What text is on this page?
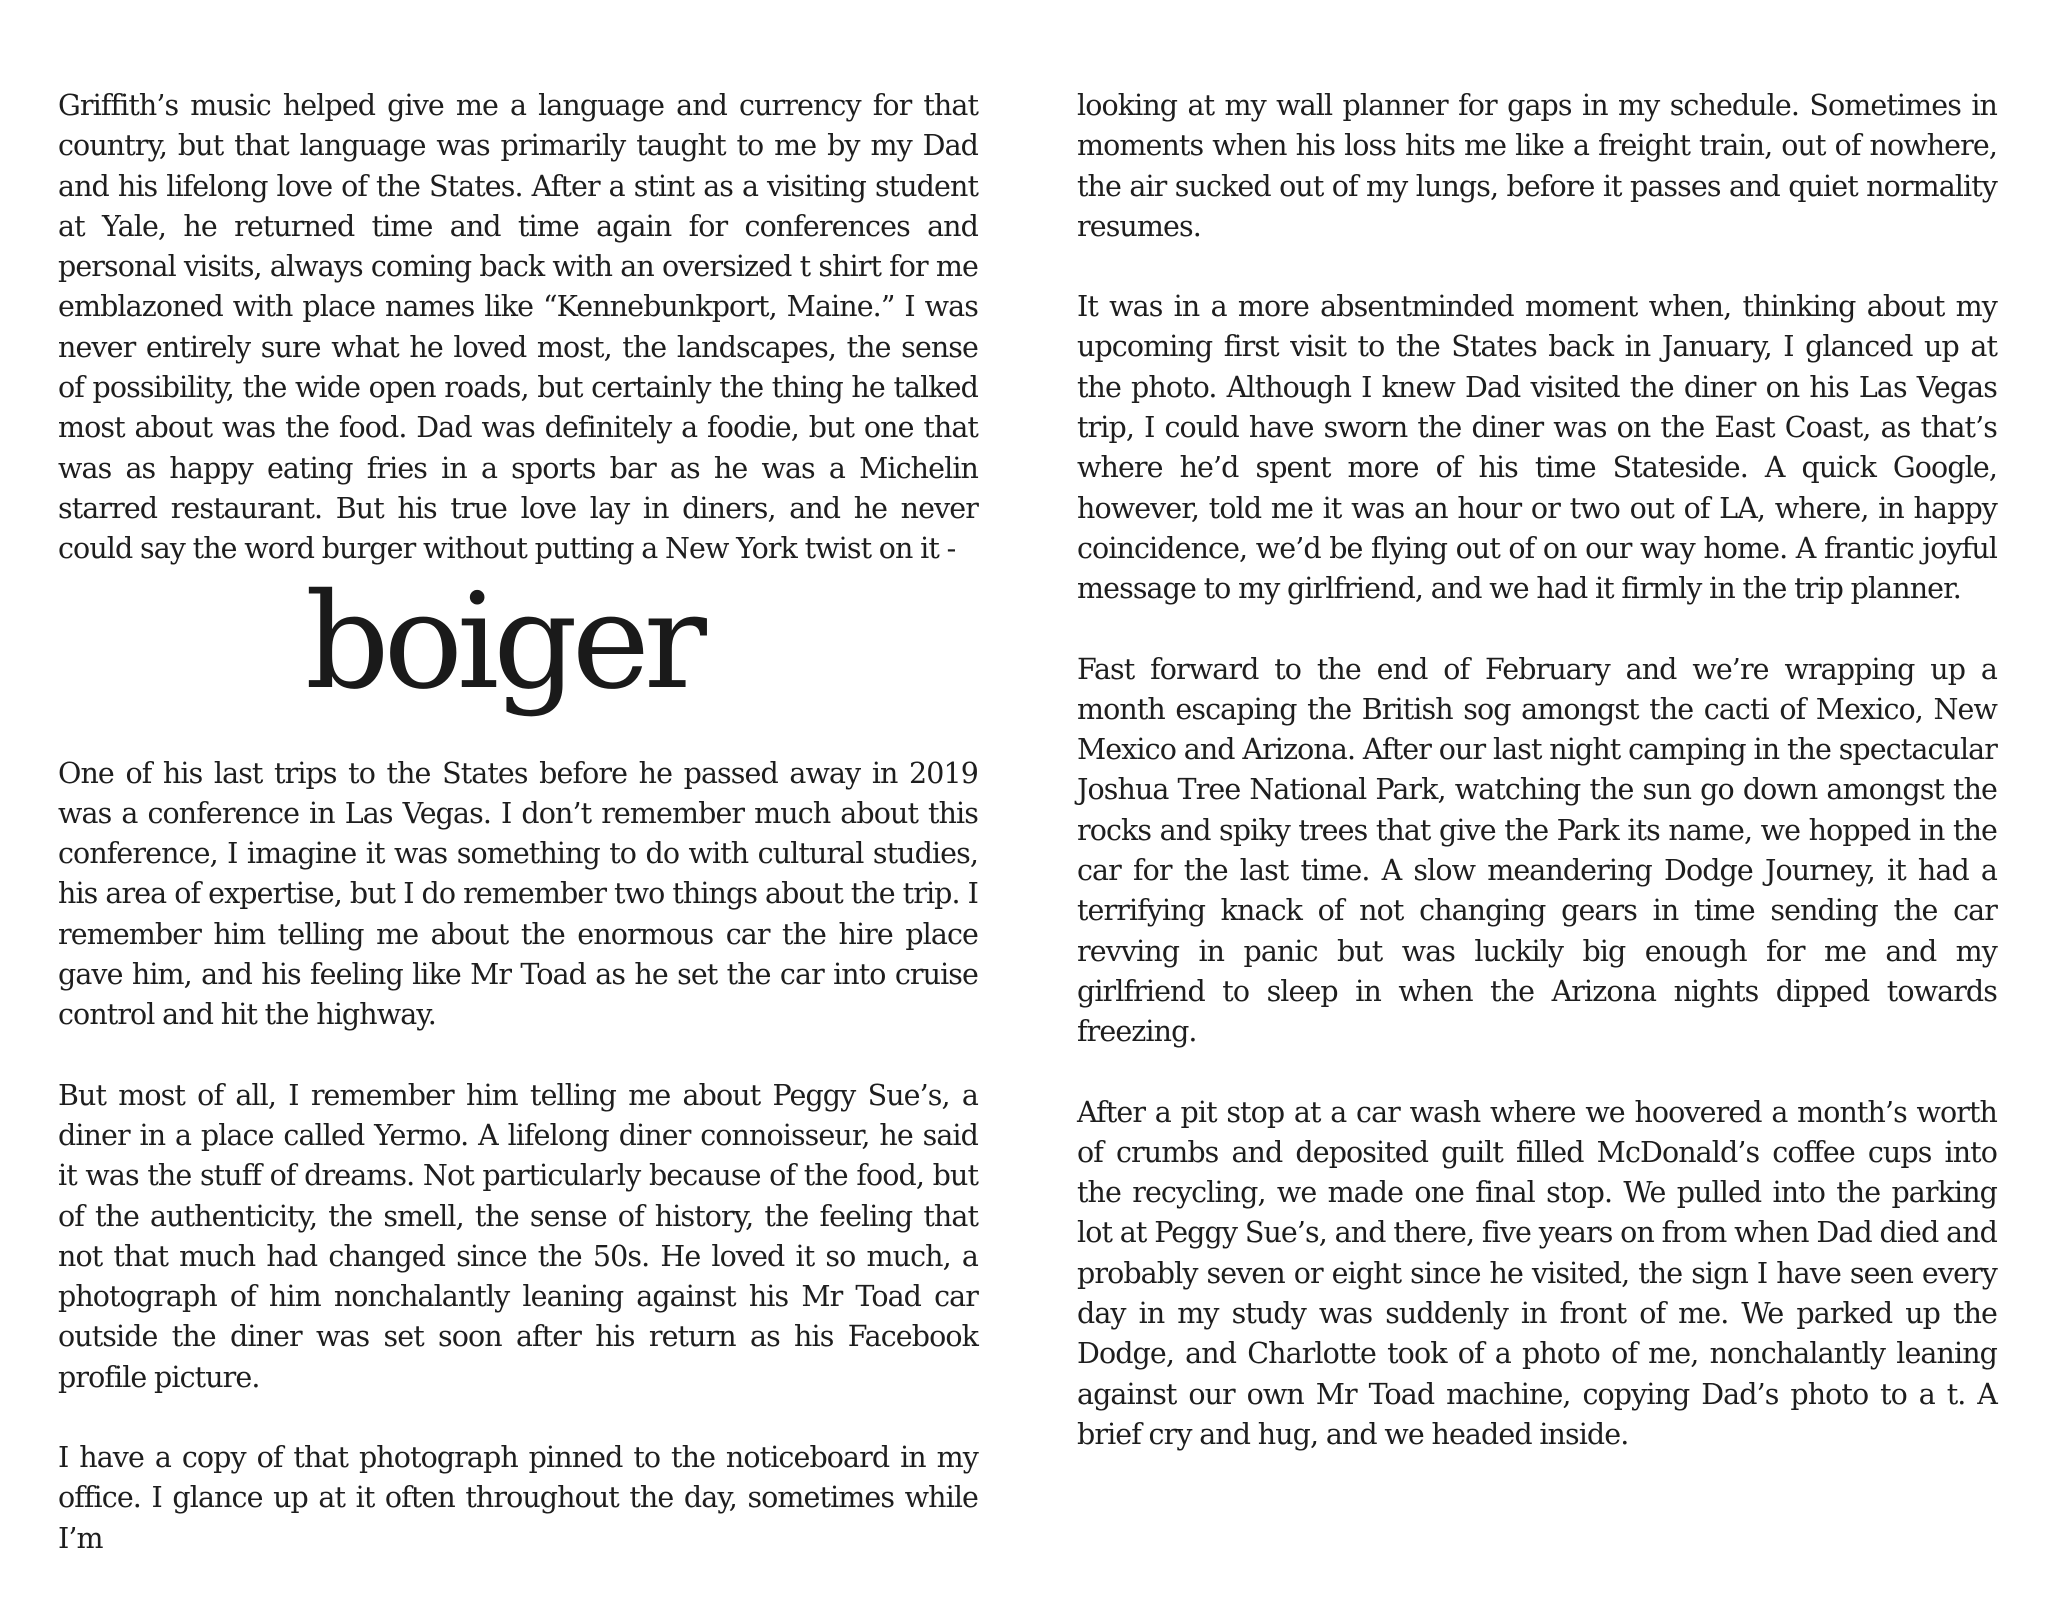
Griffith’s music helped give me a language and currency for that country, but that language was primarily taught to me by my Dad and his lifelong love of the States. After a stint as a visiting student at Yale, he returned time and time again for conferences and personal visits, always coming back with an oversized t shirt for me emblazoned with place names like “Kennebunkport, Maine.” I was never entirely sure what he loved most, the landscapes, the sense of possibility, the wide open roads, but certainly the thing he talked most about was the food. Dad was definitely a foodie, but one that was as happy eating fries in a sports bar as he was a Michelin starred restaurant. But his true love lay in diners, and he never could say the word burger without putting a New York twist on it -

boiger

One of his last trips to the States before he passed away in 2019 was a conference in Las Vegas. I don’t remember much about this conference, I imagine it was something to do with cultural studies, his area of expertise, but I do remember two things about the trip. I remember him telling me about the enormous car the hire place gave him, and his feeling like Mr Toad as he set the car into cruise control and hit the highway.

But most of all, I remember him telling me about Peggy Sue’s, a diner in a place called Yermo. A lifelong diner connoisseur, he said it was the stuff of dreams. Not particularly because of the food, but of the authenticity, the smell, the sense of history, the feeling that not that much had changed since the 50s. He loved it so much, a photograph of him nonchalantly leaning against his Mr Toad car outside the diner was set soon after his return as his Facebook profile picture.

I have a copy of that photograph pinned to the noticeboard in my office. I glance up at it often throughout the day, sometimes while I’m

looking at my wall planner for gaps in my schedule. Sometimes in moments when his loss hits me like a freight train, out of nowhere, the air sucked out of my lungs, before it passes and quiet normality resumes.

It was in a more absentminded moment when, thinking about my upcoming first visit to the States back in January, I glanced up at the photo. Although I knew Dad visited the diner on his Las Vegas trip, I could have sworn the diner was on the East Coast, as that’s where he’d spent more of his time Stateside. A quick Google, however, told me it was an hour or two out of LA, where, in happy coincidence, we’d be flying out of on our way home. A frantic joyful message to my girlfriend, and we had it firmly in the trip planner.

Fast forward to the end of February and we’re wrapping up a month escaping the British sog amongst the cacti of Mexico, New Mexico and Arizona. After our last night camping in the spectacular Joshua Tree National Park, watching the sun go down amongst the rocks and spiky trees that give the Park its name, we hopped in the car for the last time. A slow meandering Dodge Journey, it had a terrifying knack of not changing gears in time sending the car revving in panic but was luckily big enough for me and my girlfriend to sleep in when the Arizona nights dipped towards freezing.

After a pit stop at a car wash where we hoovered a month’s worth of crumbs and deposited guilt filled McDonald’s coffee cups into the recycling, we made one final stop. We pulled into the parking lot at Peggy Sue’s, and there, five years on from when Dad died and probably seven or eight since he visited, the sign I have seen every day in my study was suddenly in front of me. We parked up the Dodge, and Charlotte took of a photo of me, nonchalantly leaning against our own Mr Toad machine, copying Dad’s photo to a t. A brief cry and hug, and we headed inside.
